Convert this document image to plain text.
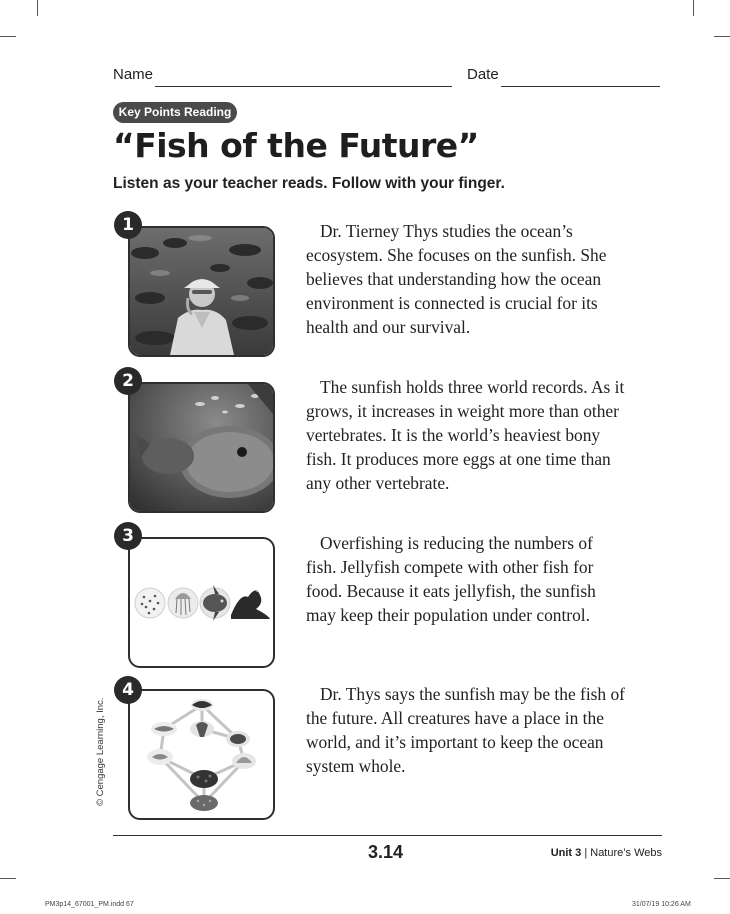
Name	Date
Key Points Reading
“Fish of the Future”
Listen as your teacher reads. Follow with your finger.
1	Dr. Tierney Thys studies the ocean’s ecosystem. She focuses on the sunfish. She believes that understanding how the ocean environment is connected is crucial for its health and our survival.

2	The sunfish holds three world records. As it grows, it increases in weight more than other vertebrates. It is the world’s heaviest bony fish. It produces more eggs at one time than any other vertebrate.

3	Overfishing is reducing the numbers of fish. Jellyfish compete with other fish for food. Because it eats jellyfish, the sunfish may keep their population under control.

4	Dr. Thys says the sunfish may be the fish of the future. All creatures have a place in the world, and it’s important to keep the ocean system whole.

© Cengage Learning, Inc.
3.14	Unit 3 | Nature’s Webs
PM3p14_67001_PM.indd 67	31/07/19 10:26 AM
